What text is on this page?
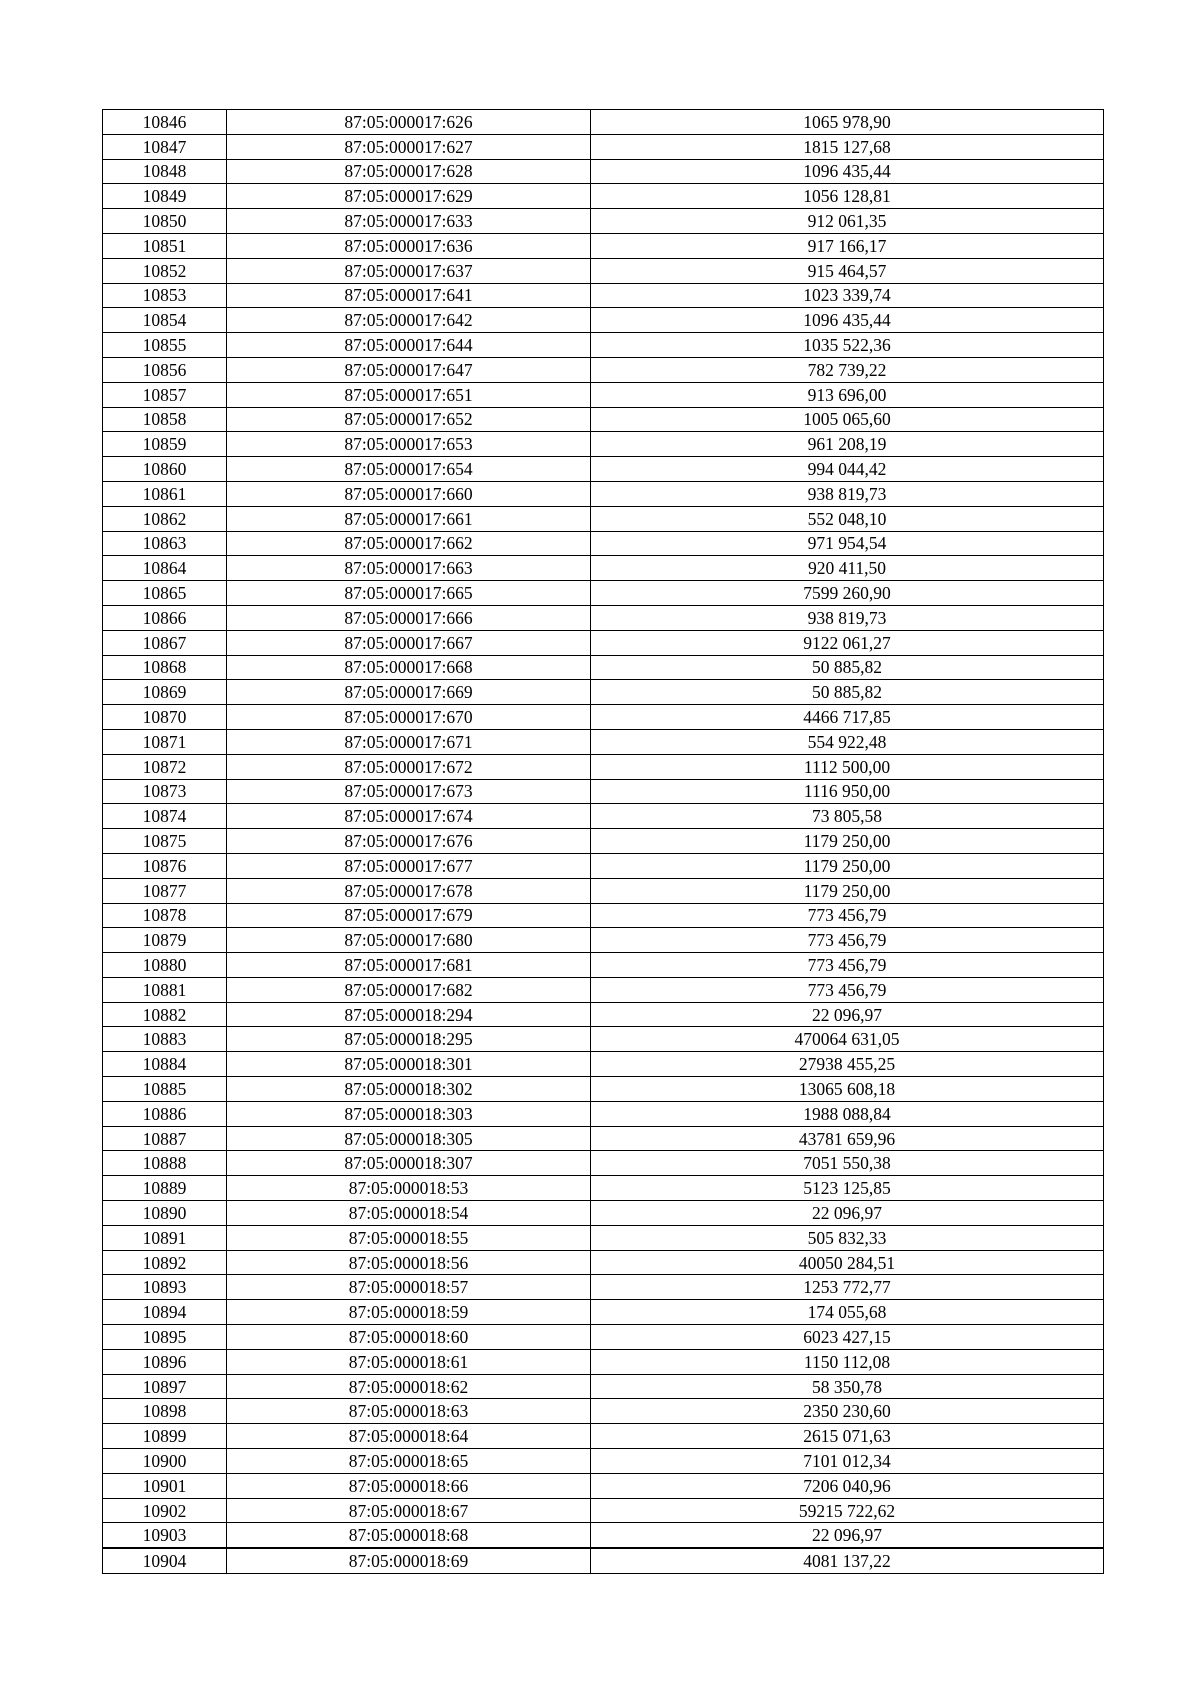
10846	87:05:000017:626	1065 978,90
10847	87:05:000017:627	1815 127,68
10848	87:05:000017:628	1096 435,44
10849	87:05:000017:629	1056 128,81
10850	87:05:000017:633	912 061,35
10851	87:05:000017:636	917 166,17
10852	87:05:000017:637	915 464,57
10853	87:05:000017:641	1023 339,74
10854	87:05:000017:642	1096 435,44
10855	87:05:000017:644	1035 522,36
10856	87:05:000017:647	782 739,22
10857	87:05:000017:651	913 696,00
10858	87:05:000017:652	1005 065,60
10859	87:05:000017:653	961 208,19
10860	87:05:000017:654	994 044,42
10861	87:05:000017:660	938 819,73
10862	87:05:000017:661	552 048,10
10863	87:05:000017:662	971 954,54
10864	87:05:000017:663	920 411,50
10865	87:05:000017:665	7599 260,90
10866	87:05:000017:666	938 819,73
10867	87:05:000017:667	9122 061,27
10868	87:05:000017:668	50 885,82
10869	87:05:000017:669	50 885,82
10870	87:05:000017:670	4466 717,85
10871	87:05:000017:671	554 922,48
10872	87:05:000017:672	1112 500,00
10873	87:05:000017:673	1116 950,00
10874	87:05:000017:674	73 805,58
10875	87:05:000017:676	1179 250,00
10876	87:05:000017:677	1179 250,00
10877	87:05:000017:678	1179 250,00
10878	87:05:000017:679	773 456,79
10879	87:05:000017:680	773 456,79
10880	87:05:000017:681	773 456,79
10881	87:05:000017:682	773 456,79
10882	87:05:000018:294	22 096,97
10883	87:05:000018:295	470064 631,05
10884	87:05:000018:301	27938 455,25
10885	87:05:000018:302	13065 608,18
10886	87:05:000018:303	1988 088,84
10887	87:05:000018:305	43781 659,96
10888	87:05:000018:307	7051 550,38
10889	87:05:000018:53	5123 125,85
10890	87:05:000018:54	22 096,97
10891	87:05:000018:55	505 832,33
10892	87:05:000018:56	40050 284,51
10893	87:05:000018:57	1253 772,77
10894	87:05:000018:59	174 055,68
10895	87:05:000018:60	6023 427,15
10896	87:05:000018:61	1150 112,08
10897	87:05:000018:62	58 350,78
10898	87:05:000018:63	2350 230,60
10899	87:05:000018:64	2615 071,63
10900	87:05:000018:65	7101 012,34
10901	87:05:000018:66	7206 040,96
10902	87:05:000018:67	59215 722,62
10903	87:05:000018:68	22 096,97
10904	87:05:000018:69	4081 137,22
